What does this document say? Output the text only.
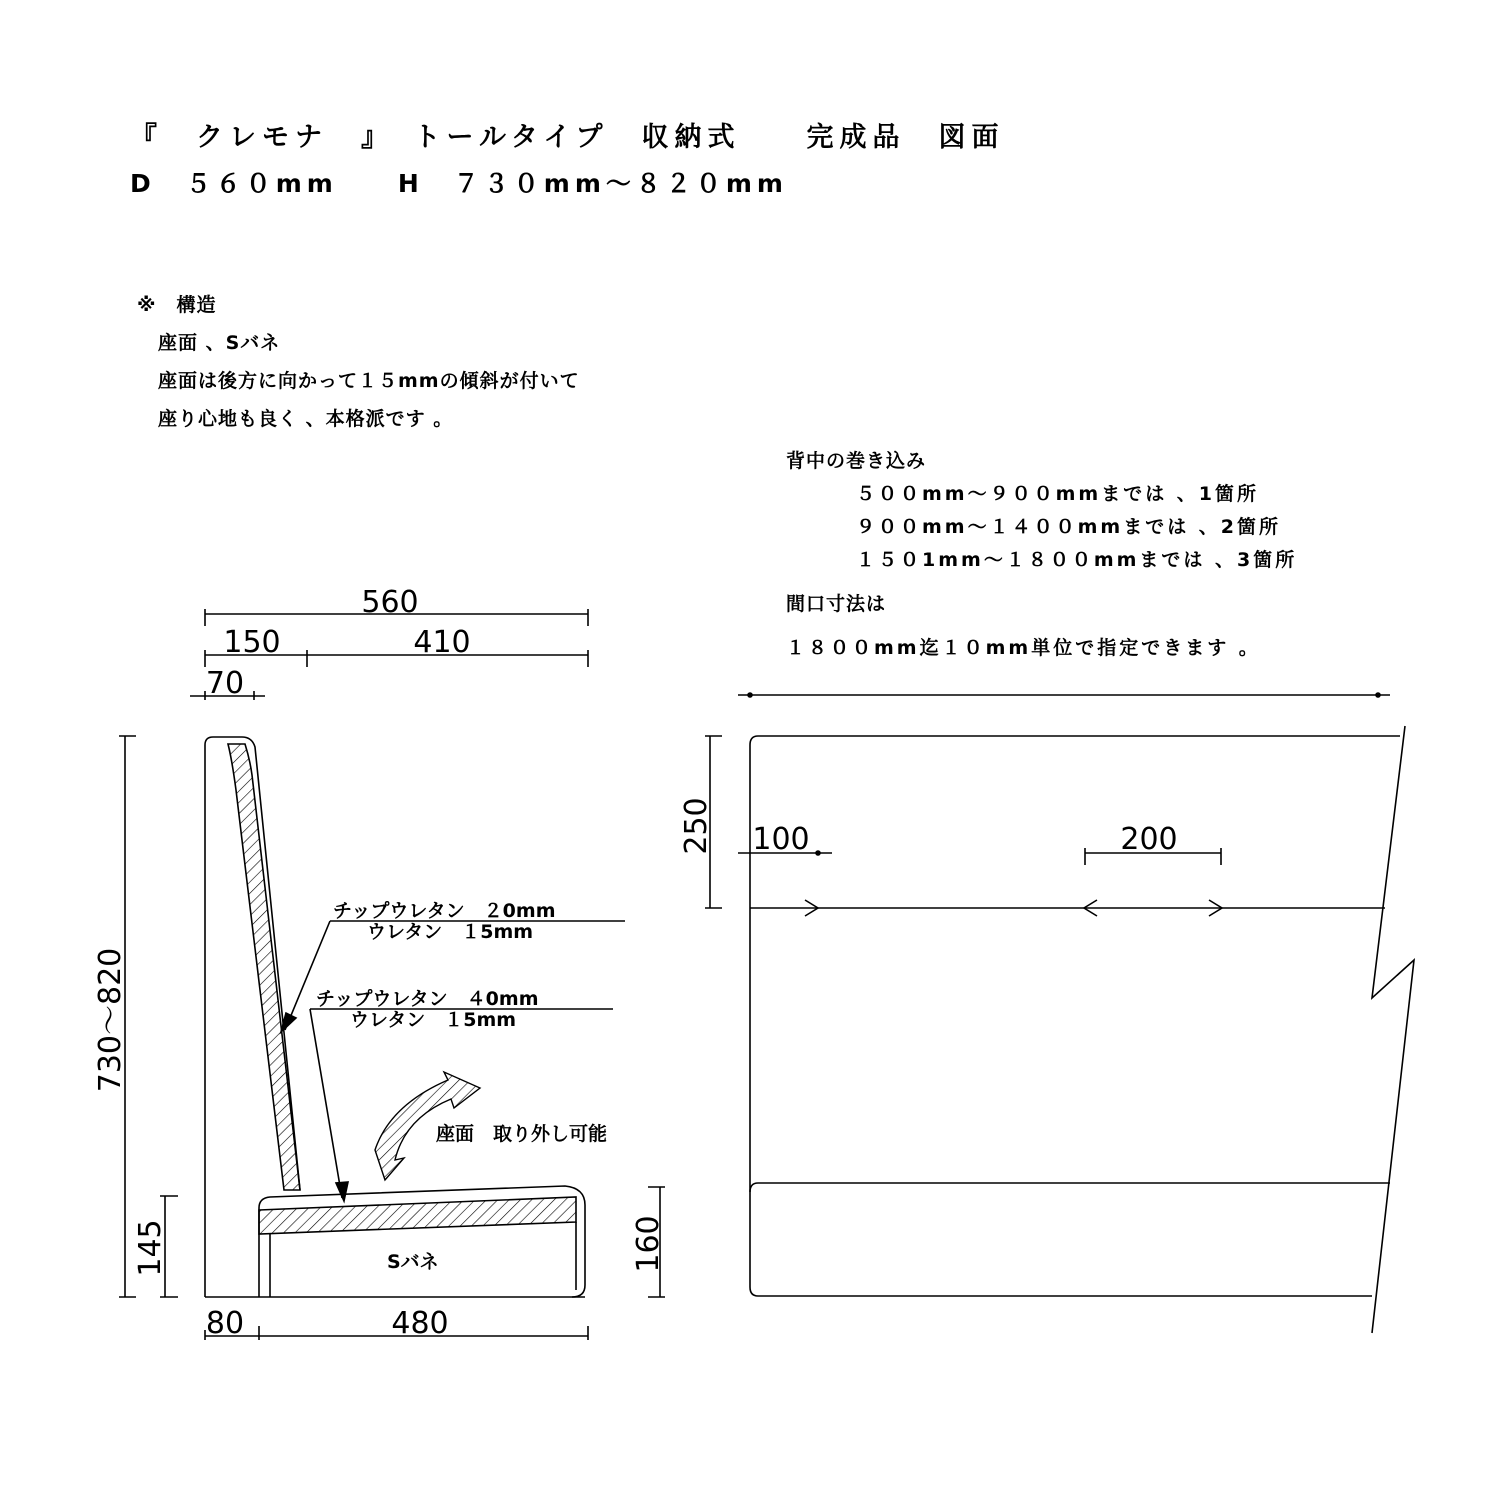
『　クレモナ　』　トールタイプ　収納式　　完成品　図面
D　５６０mm　　H　７３０mm～８２０mm
※　構造
座面 、Sバネ
座面は後方に向かって１５mmの傾斜が付いて
座り心地も良く 、本格派です 。
背中の巻き込み
５００mm～９００mmまでは 、1箇所
９００mm～１４００mmまでは 、2箇所
１５０1mm～１８００mmまでは 、3箇所
間口寸法は
１８００mm迄１０mm単位で指定できます 。
560
150	410
70
80	480
730～820
145	160
250 100	200
チップウレタン　２0mm
ウレタン　１5mm
チップウレタン　４0mm
ウレタン　１5mm
座面　取り外し可能
Sバネ
